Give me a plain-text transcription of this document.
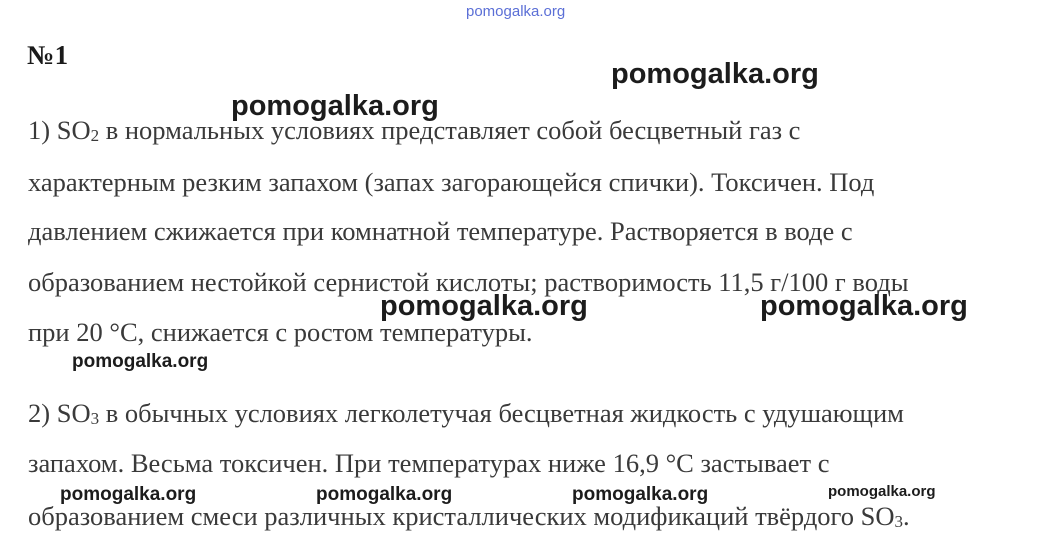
pomogalka.org
№1
1) $SO_2$ в нормальных условиях представляет собой бесцветный газ с
характерным резким запахом (запах загорающейся спички). Токсичен. Под
давлением сжижается при комнатной температуре. Растворяется в воде с
образованием нестойкой сернистой кислоты; растворимость 11,5 г/100 г воды
при 20 °С, снижается с ростом температуры.
2) $SO_3$ в обычных условиях легколетучая бесцветная жидкость с удушающим
запахом. Весьма токсичен. При температурах ниже 16,9 °С застывает с
образованием смеси различных кристаллических модификаций твёрдого $SO_3$.
pomogalka.org
pomogalka.org
pomogalka.org	pomogalka.org
pomogalka.org
pomogalka.org	pomogalka.org	pomogalka.org	pomogalka.org
